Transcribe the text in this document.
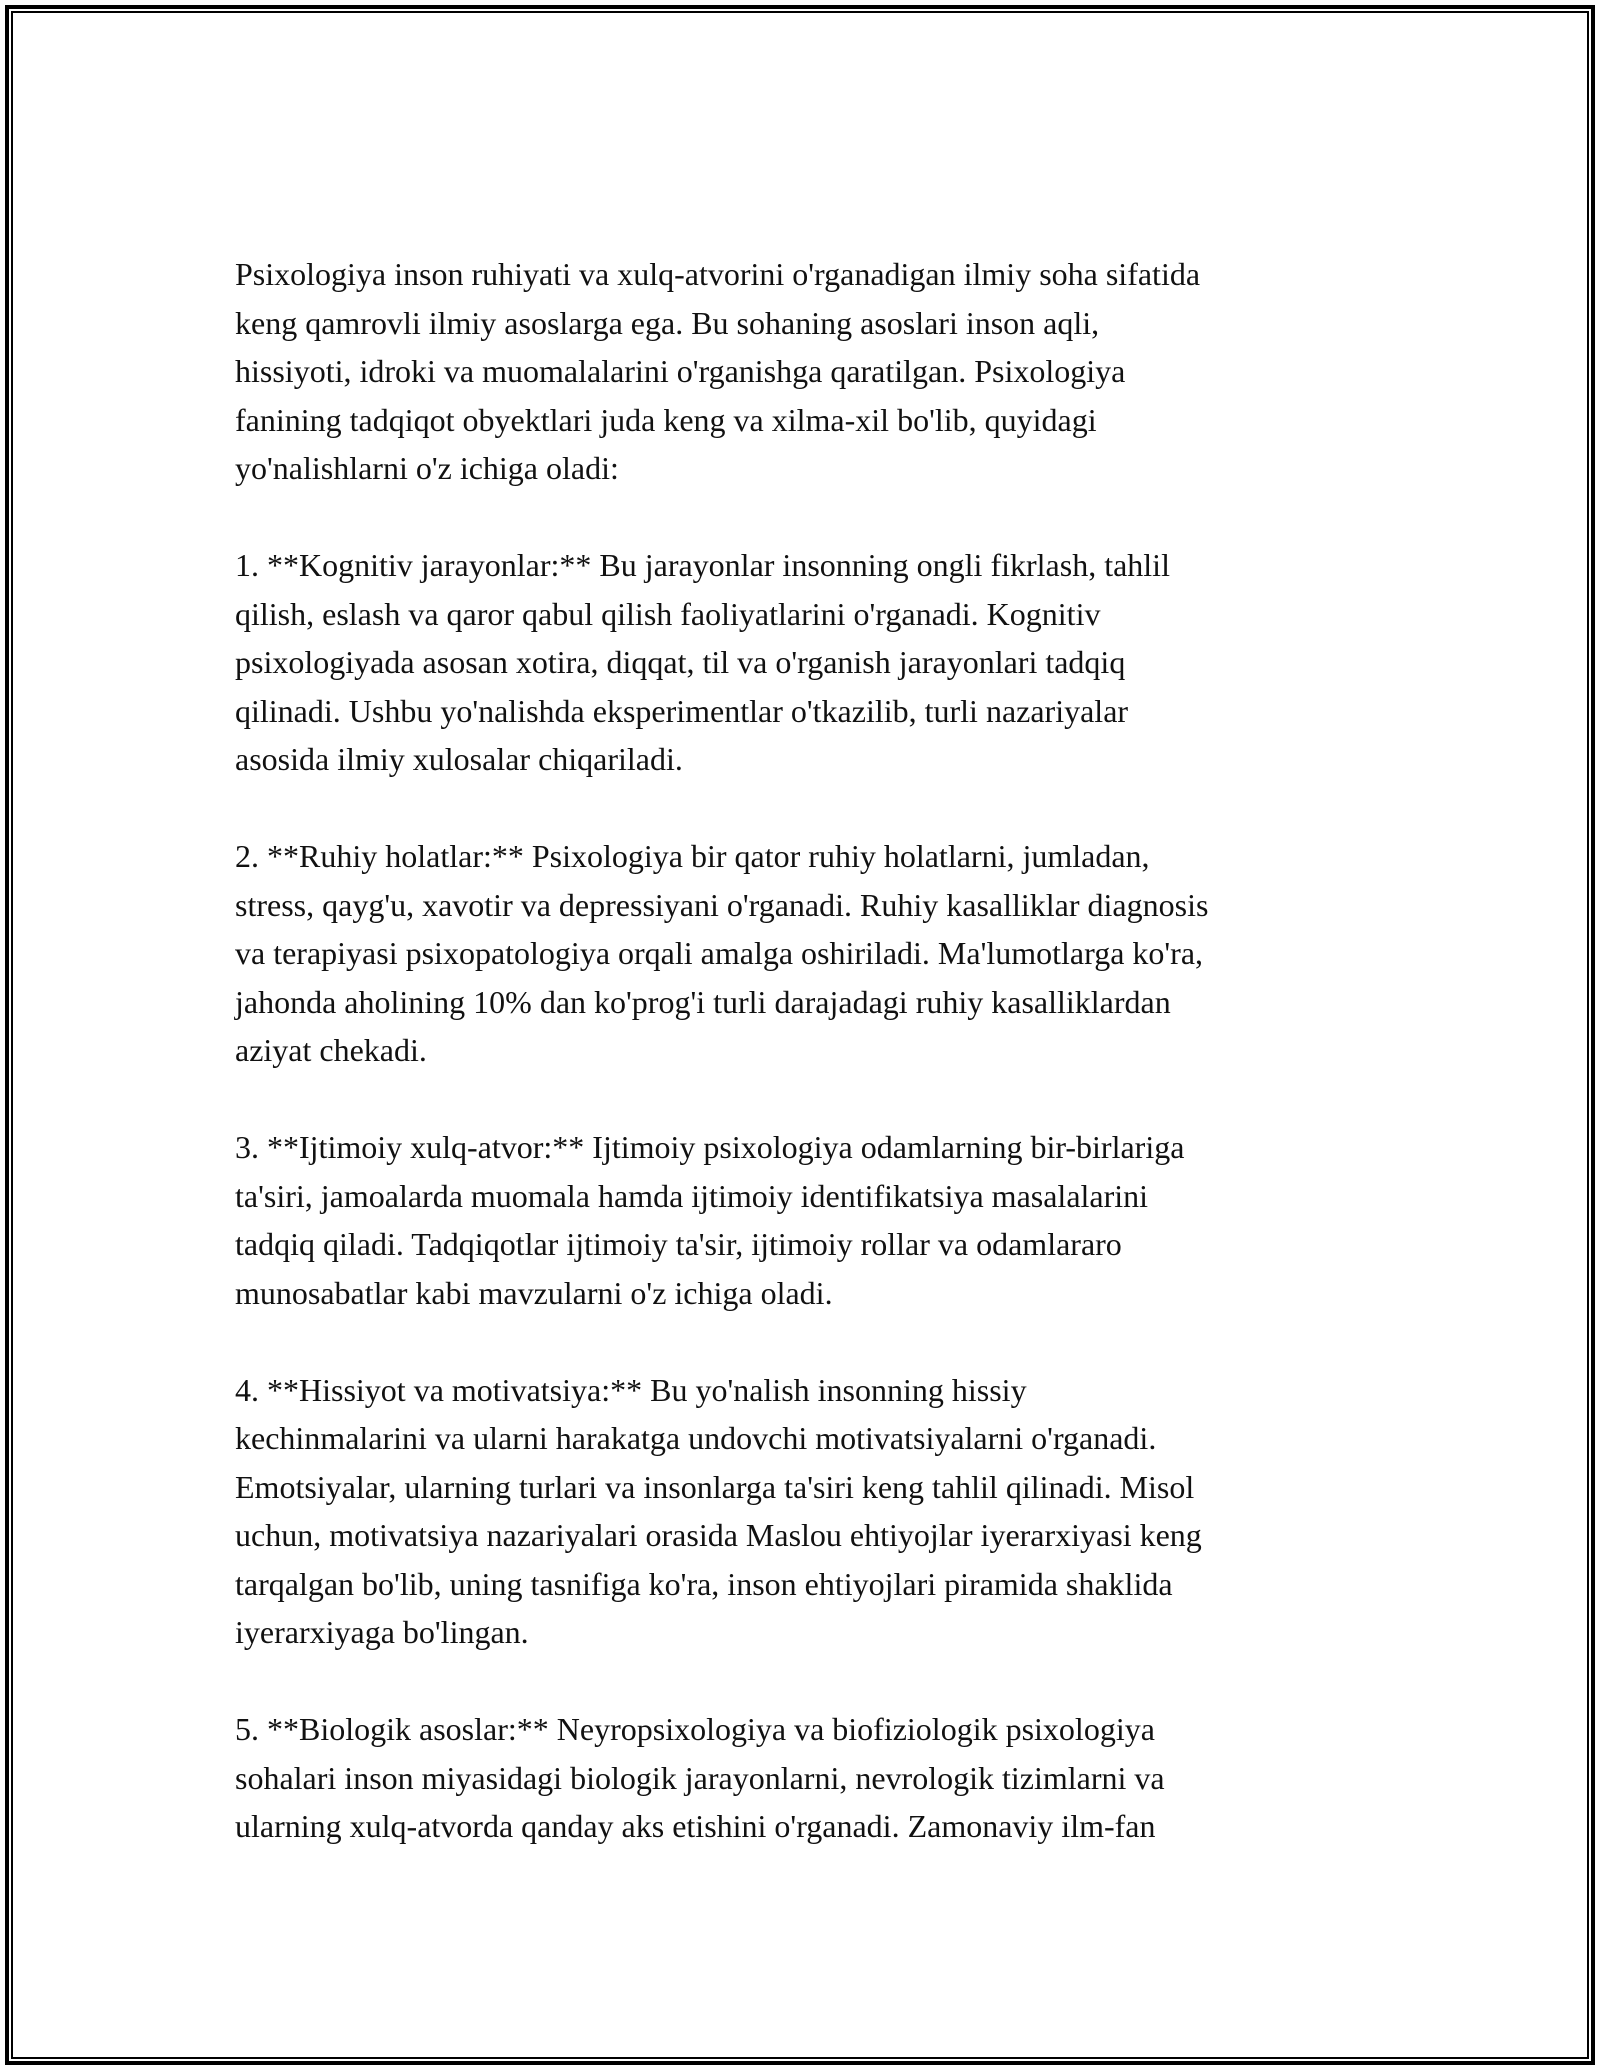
Psixologiya inson ruhiyati va xulq-atvorini o'rganadigan ilmiy soha sifatida
keng qamrovli ilmiy asoslarga ega. Bu sohaning asoslari inson aqli,
hissiyoti, idroki va muomalalarini o'rganishga qaratilgan. Psixologiya
fanining tadqiqot obyektlari juda keng va xilma-xil bo'lib, quyidagi
yo'nalishlarni o'z ichiga oladi:

1. **Kognitiv jarayonlar:** Bu jarayonlar insonning ongli fikrlash, tahlil
qilish, eslash va qaror qabul qilish faoliyatlarini o'rganadi. Kognitiv
psixologiyada asosan xotira, diqqat, til va o'rganish jarayonlari tadqiq
qilinadi. Ushbu yo'nalishda eksperimentlar o'tkazilib, turli nazariyalar
asosida ilmiy xulosalar chiqariladi.

2. **Ruhiy holatlar:** Psixologiya bir qator ruhiy holatlarni, jumladan,
stress, qayg'u, xavotir va depressiyani o'rganadi. Ruhiy kasalliklar diagnosis
va terapiyasi psixopatologiya orqali amalga oshiriladi. Ma'lumotlarga ko'ra,
jahonda aholining 10% dan ko'prog'i turli darajadagi ruhiy kasalliklardan
aziyat chekadi.

3. **Ijtimoiy xulq-atvor:** Ijtimoiy psixologiya odamlarning bir-birlariga
ta'siri, jamoalarda muomala hamda ijtimoiy identifikatsiya masalalarini
tadqiq qiladi. Tadqiqotlar ijtimoiy ta'sir, ijtimoiy rollar va odamlararo
munosabatlar kabi mavzularni o'z ichiga oladi.

4. **Hissiyot va motivatsiya:** Bu yo'nalish insonning hissiy
kechinmalarini va ularni harakatga undovchi motivatsiyalarni o'rganadi.
Emotsiyalar, ularning turlari va insonlarga ta'siri keng tahlil qilinadi. Misol
uchun, motivatsiya nazariyalari orasida Maslou ehtiyojlar iyerarxiyasi keng
tarqalgan bo'lib, uning tasnifiga ko'ra, inson ehtiyojlari piramida shaklida
iyerarxiyaga bo'lingan.

5. **Biologik asoslar:** Neyropsixologiya va biofiziologik psixologiya
sohalari inson miyasidagi biologik jarayonlarni, nevrologik tizimlarni va
ularning xulq-atvorda qanday aks etishini o'rganadi. Zamonaviy ilm-fan
